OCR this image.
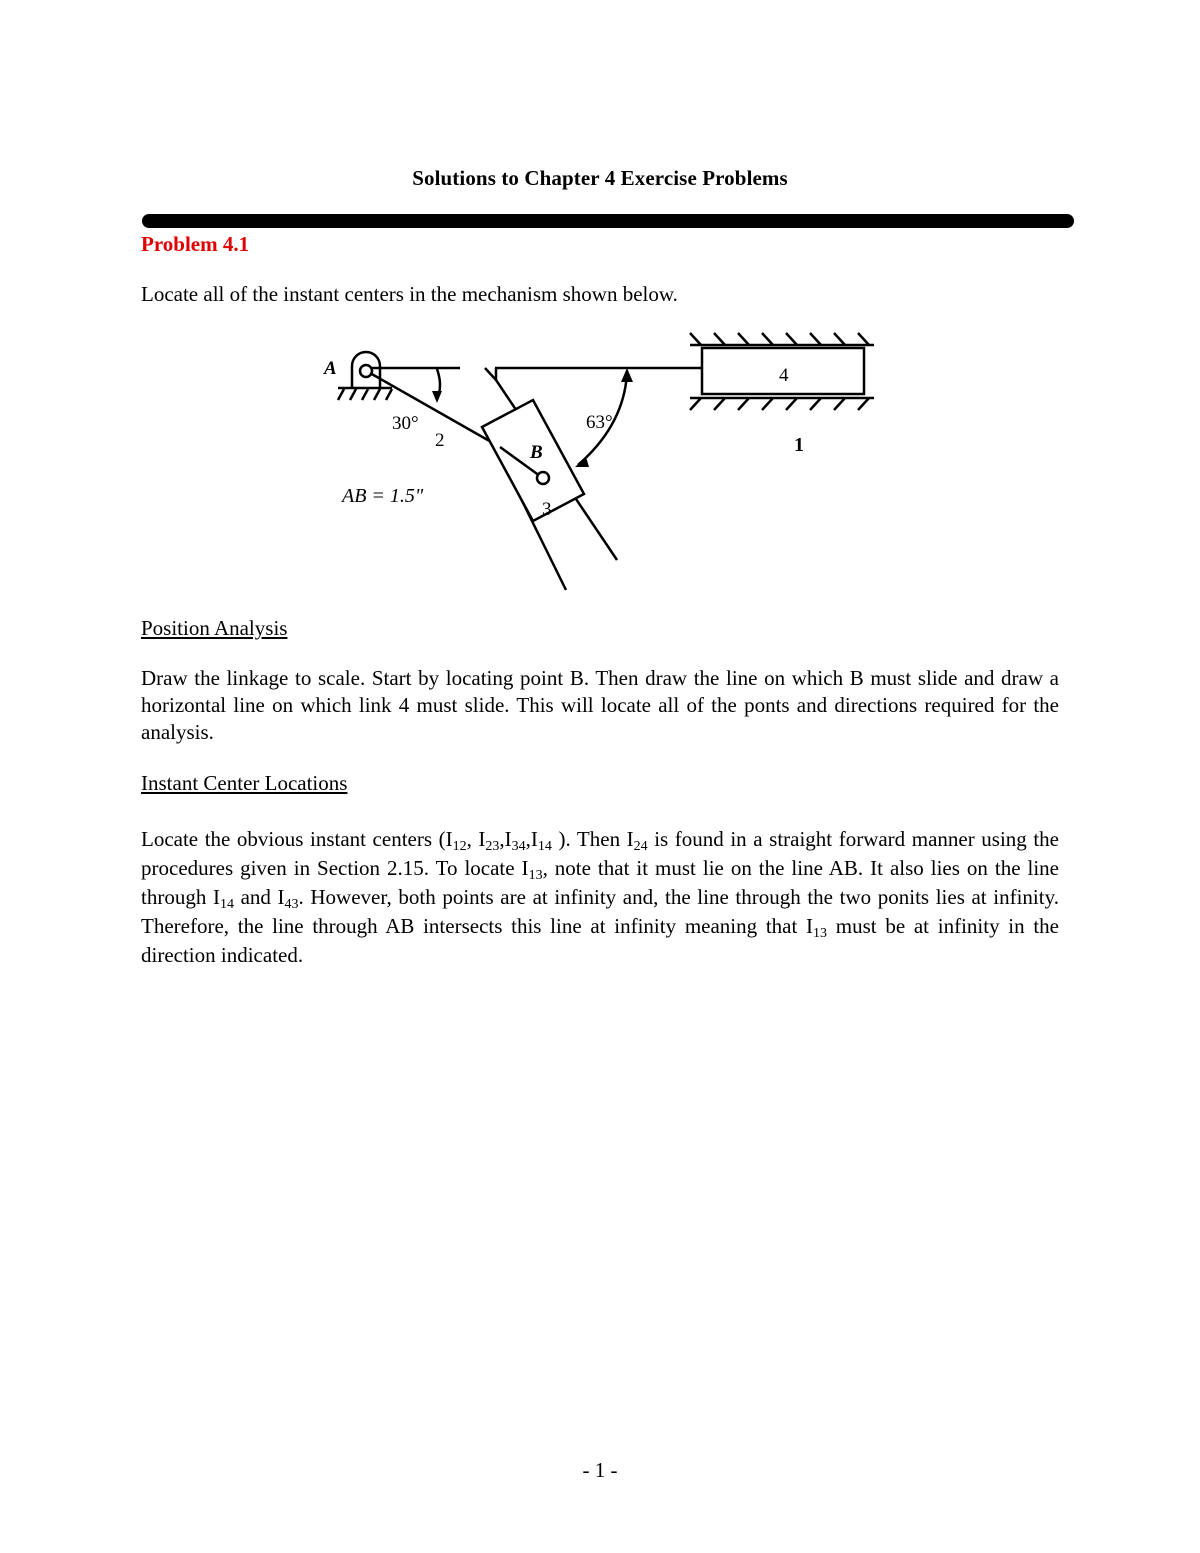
Solutions to Chapter 4 Exercise Problems
Problem 4.1
Locate all of the instant centers in the mechanism shown below.
A
B
30°	63°
2
3
4
1
AB = 1.5"
Position Analysis

Draw the linkage to scale. Start by locating point B. Then draw the line on which B must slide and draw a horizontal line on which link 4 must slide. This will locate all of the ponts and directions required for the analysis.

Instant Center Locations

Locate the obvious instant centers ($I_{12}$, $I_{23},I_{34},I_{14}$ ). Then $I_{24}$ is found in a straight forward manner using the procedures given in Section 2.15. To locate $I_{13}$, note that it must lie on the line AB. It also lies on the line through $I_{14}$ and $I_{43}$. However, both points are at infinity and, the line through the two ponits lies at infinity. Therefore, the line through AB intersects this line at infinity meaning that $I_{13}$ must be at infinity in the direction indicated.

- 1 -
